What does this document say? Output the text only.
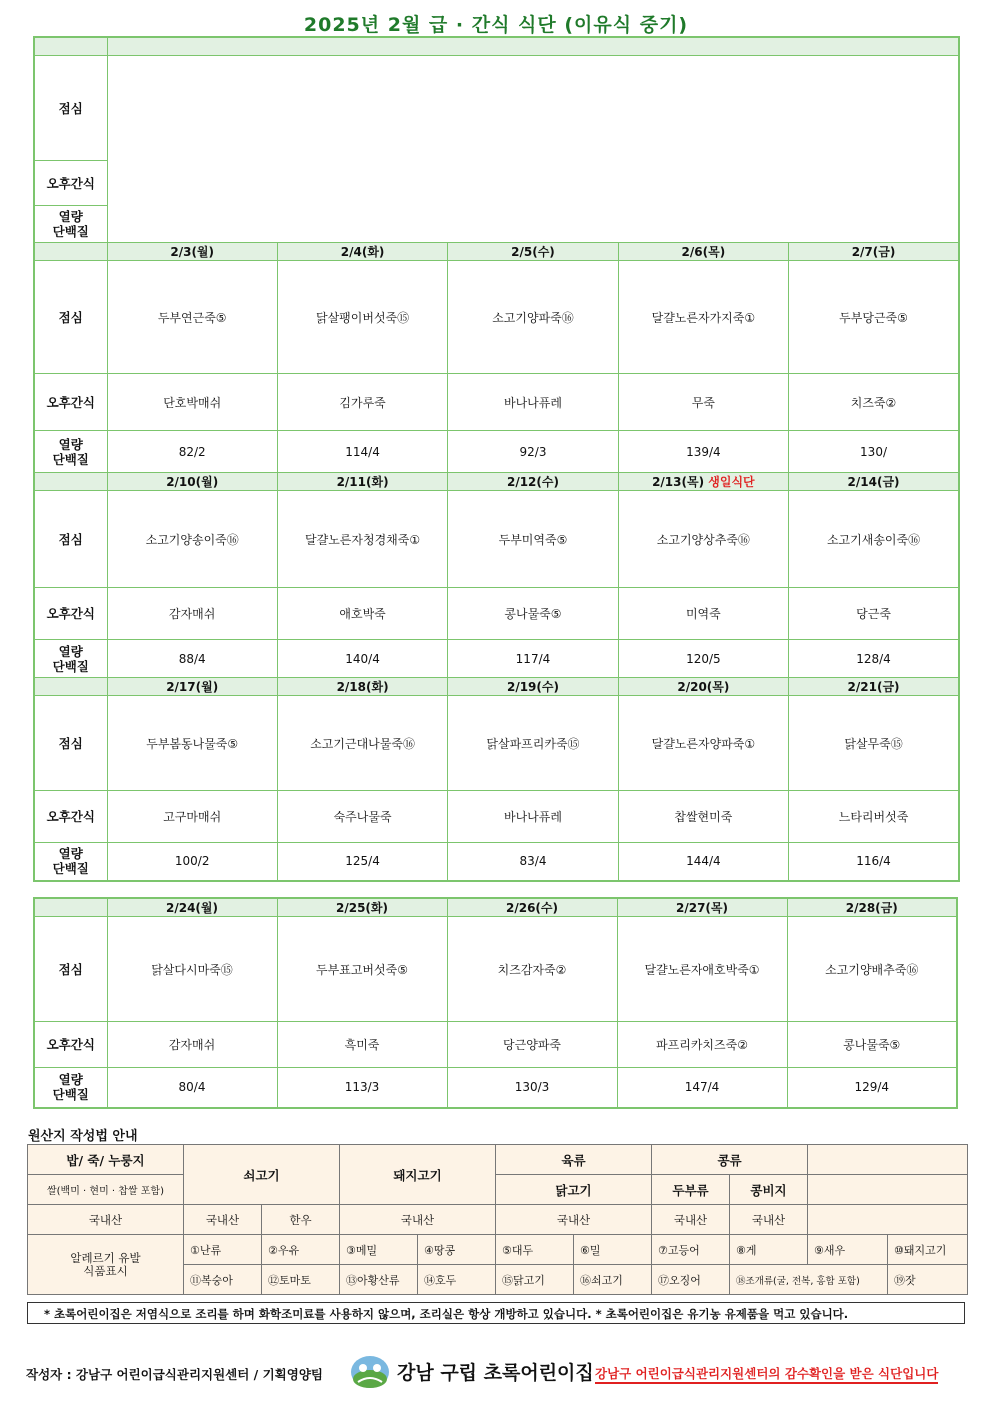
2025년 2월 급 · 간식 식단 (이유식 중기)

점심					
오후간식					
열량
단백질					
	2/3(월)	2/4(화)	2/5(수)	2/6(목)	2/7(금)
점심	두부연근죽⑤	닭살팽이버섯죽⑮	소고기양파죽⑯	달걀노른자가지죽①	두부당근죽⑤
오후간식	단호박매쉬	김가루죽	바나나퓨레	무죽	치즈죽②
열량
단백질	82/2	114/4	92/3	139/4	130/
	2/10(월)	2/11(화)	2/12(수)	2/13(목) 생일식단	2/14(금)
점심	소고기양송이죽⑯	달걀노른자청경채죽①	두부미역죽⑤	소고기양상추죽⑯	소고기새송이죽⑯
오후간식	감자매쉬	애호박죽	콩나물죽⑤	미역죽	당근죽
열량
단백질	88/4	140/4	117/4	120/5	128/4
	2/17(월)	2/18(화)	2/19(수)	2/20(목)	2/21(금)
점심	두부봄동나물죽⑤	소고기근대나물죽⑯	닭살파프리카죽⑮	달걀노른자양파죽①	닭살무죽⑮
오후간식	고구마매쉬	숙주나물죽	바나나퓨레	찹쌀현미죽	느타리버섯죽
열량
단백질	100/2	125/4	83/4	144/4	116/4
	2/24(월)	2/25(화)	2/26(수)	2/27(목)	2/28(금)
점심	닭살다시마죽⑮	두부표고버섯죽⑤	치즈감자죽②	달걀노른자애호박죽①	소고기양배추죽⑯
오후간식	감자매쉬	흑미죽	당근양파죽	파프리카치즈죽②	콩나물죽⑤
열량
단백질	80/4	113/3	130/3	147/4	129/4
원산지 작성법 안내
밥/ 죽/ 누룽지	쇠고기		돼지고기		육류		콩류			
쌀(백미 · 현미 · 찹쌀 포함)					닭고기		두부류	콩비지		
국내산	국내산	한우	국내산		국내산		국내산	국내산		
알레르기 유발
식품표시	①난류	②우유	③메밀	④땅콩	⑤대두	⑥밀	⑦고등어	⑧게	⑨새우	⑩돼지고기
	⑪복숭아	⑫토마토	⑬아황산류	⑭호두	⑮닭고기	⑯쇠고기	⑰오징어	⑱조개류(굴, 전복, 홍합 포함)		⑲잣
* 초록어린이집은 저염식으로 조리를 하며 화학조미료를 사용하지 않으며, 조리실은 항상 개방하고 있습니다. * 초록어린이집은 유기농 유제품을 먹고 있습니다.
작성자 : 강남구 어린이급식관리지원센터 / 기획영양팀	강남 구립 초록어린이집 강남구 어린이급식관리지원센터의 감수확인을 받은 식단입니다
